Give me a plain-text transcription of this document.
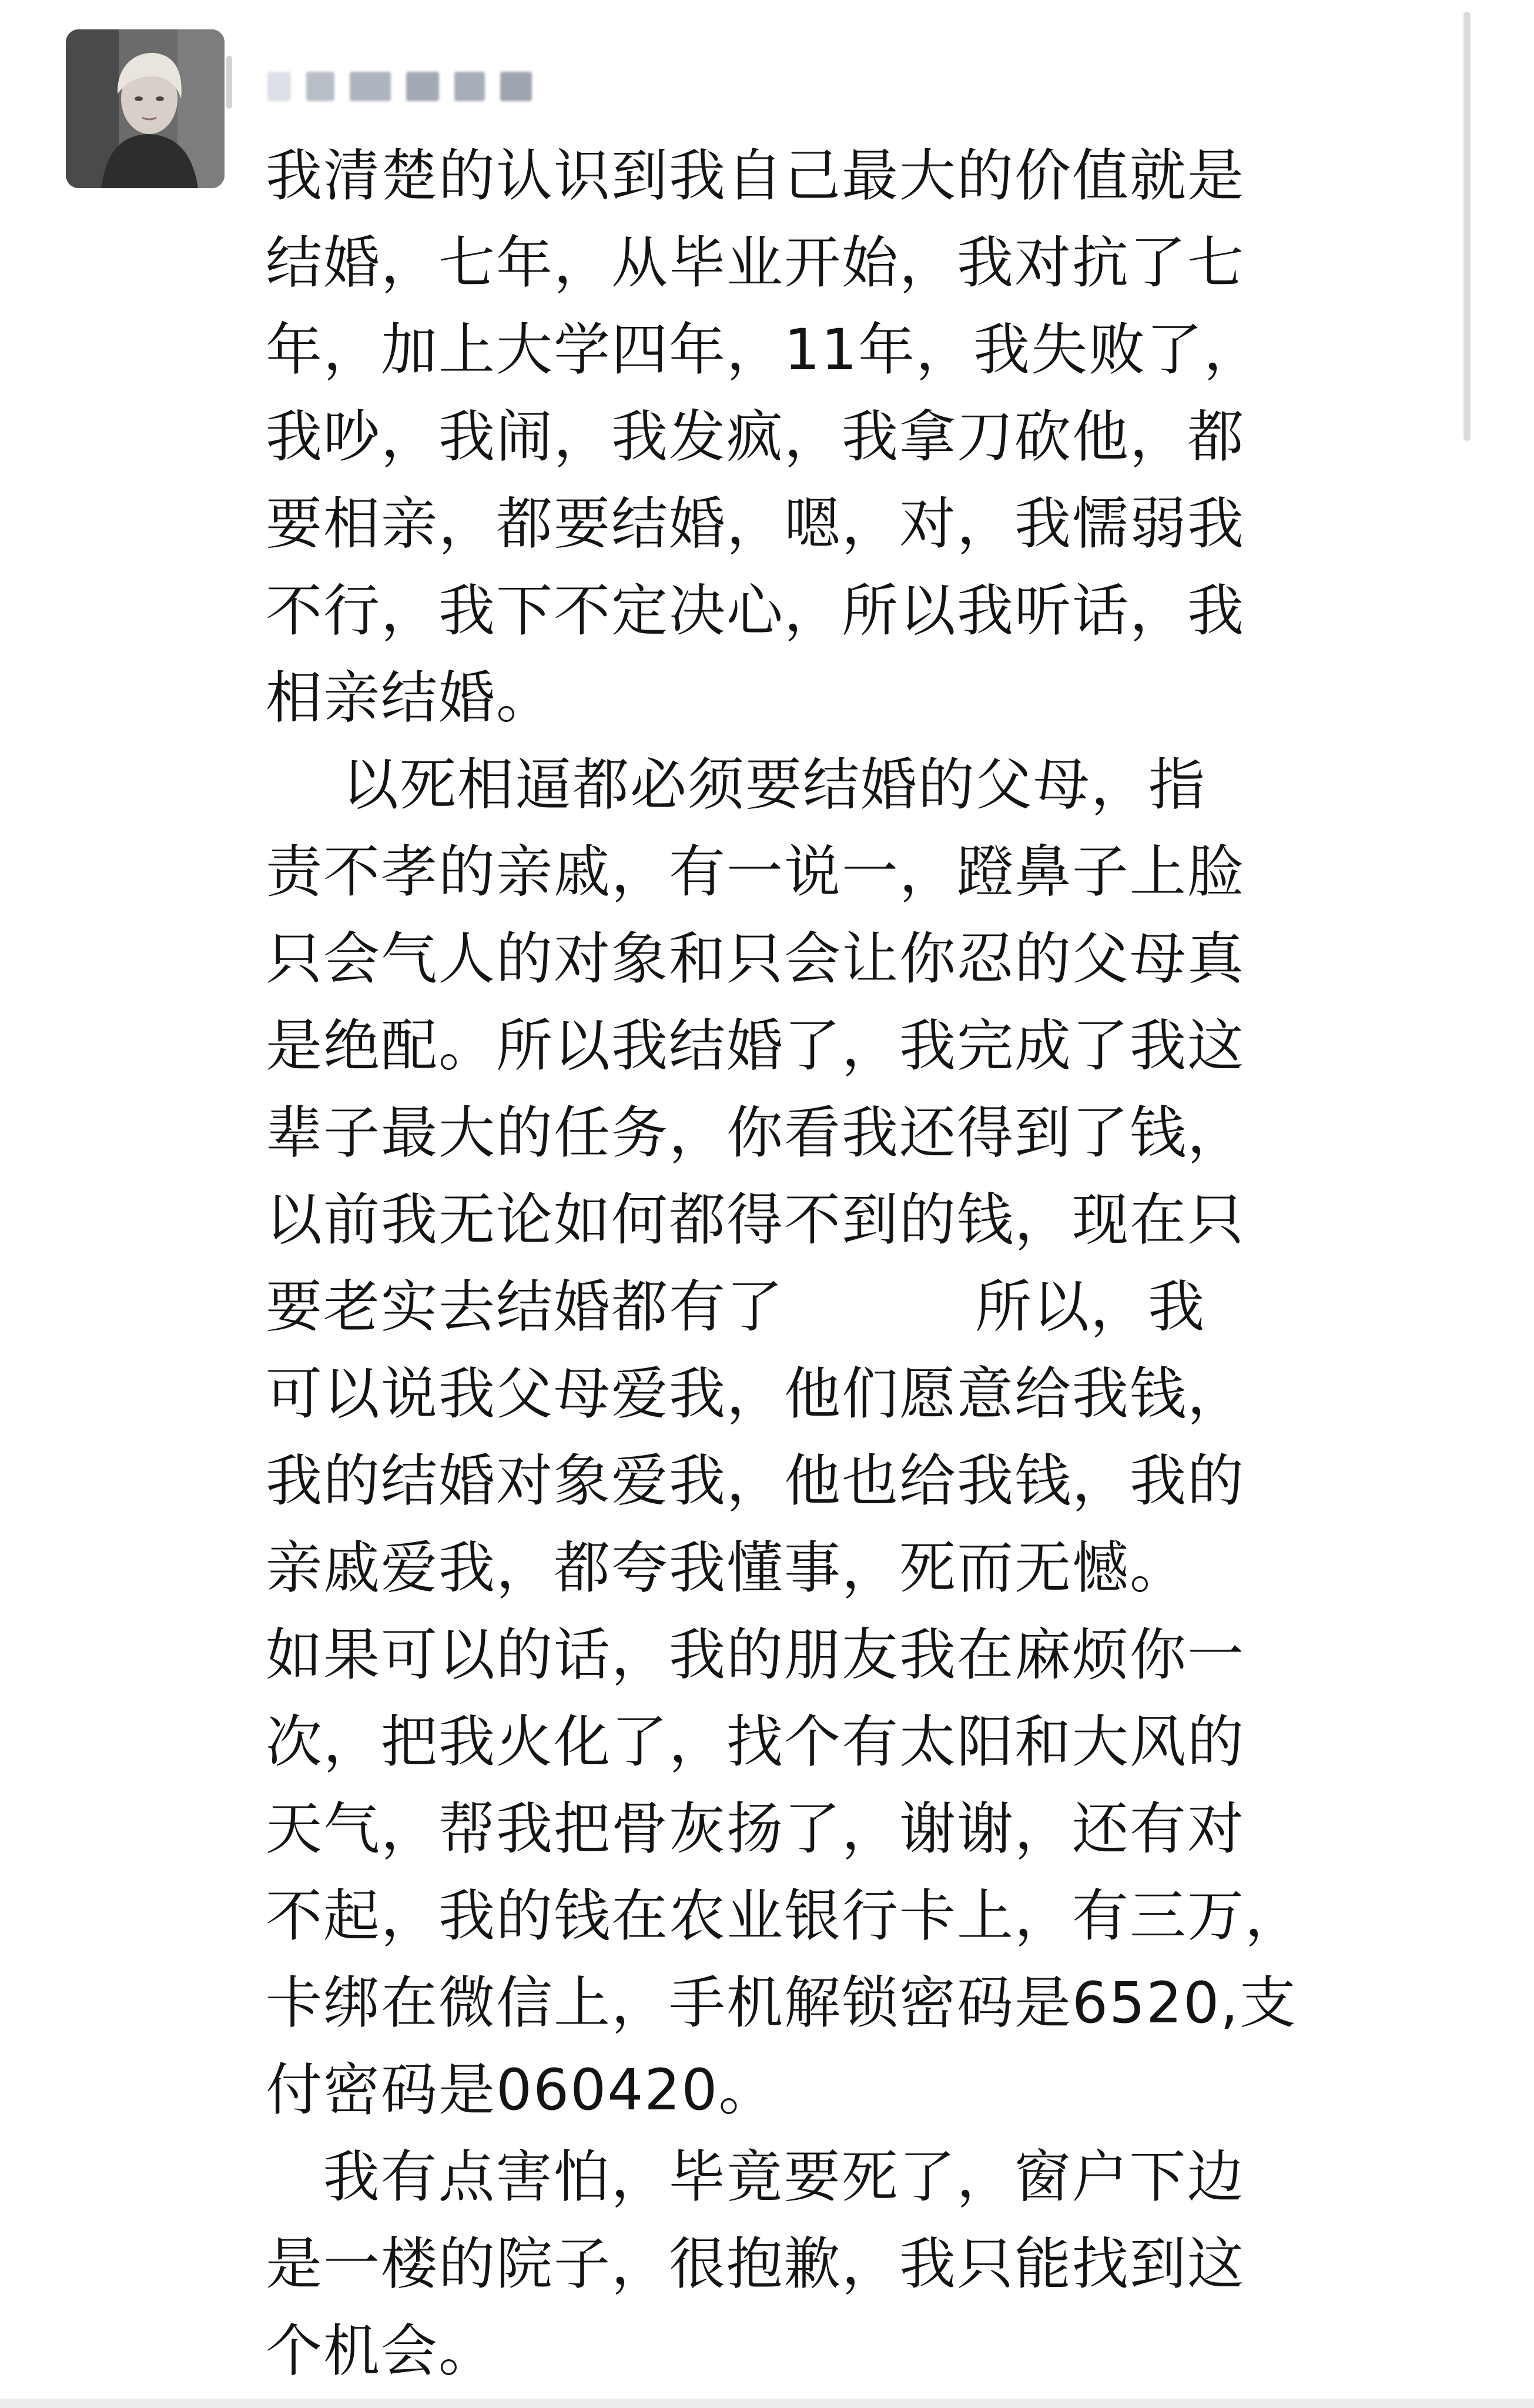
我清楚的认识到我自己最大的价值就是
结婚，七年，从毕业开始，我对抗了七
年，加上大学四年，11年，我失败了，
我吵，我闹，我发疯，我拿刀砍他，都
要相亲，都要结婚，嗯，对，我懦弱我
不行，我下不定决心，所以我听话，我
相亲结婚。

以死相逼都必须要结婚的父母，指
责不孝的亲戚，有一说一，蹬鼻子上脸
只会气人的对象和只会让你忍的父母真
是绝配。所以我结婚了，我完成了我这
辈子最大的任务，你看我还得到了钱，
以前我无论如何都得不到的钱，现在只
要老实去结婚都有了          所以，我
可以说我父母爱我，他们愿意给我钱，
我的结婚对象爱我，他也给我钱，我的
亲戚爱我，都夸我懂事，死而无憾。

如果可以的话，我的朋友我在麻烦你一
次，把我火化了，找个有太阳和大风的
天气，帮我把骨灰扬了，谢谢，还有对
不起，我的钱在农业银行卡上，有三万，
卡绑在微信上，手机解锁密码是6520,支
付密码是060420。

我有点害怕，毕竟要死了，窗户下边
是一楼的院子，很抱歉，我只能找到这
个机会。
